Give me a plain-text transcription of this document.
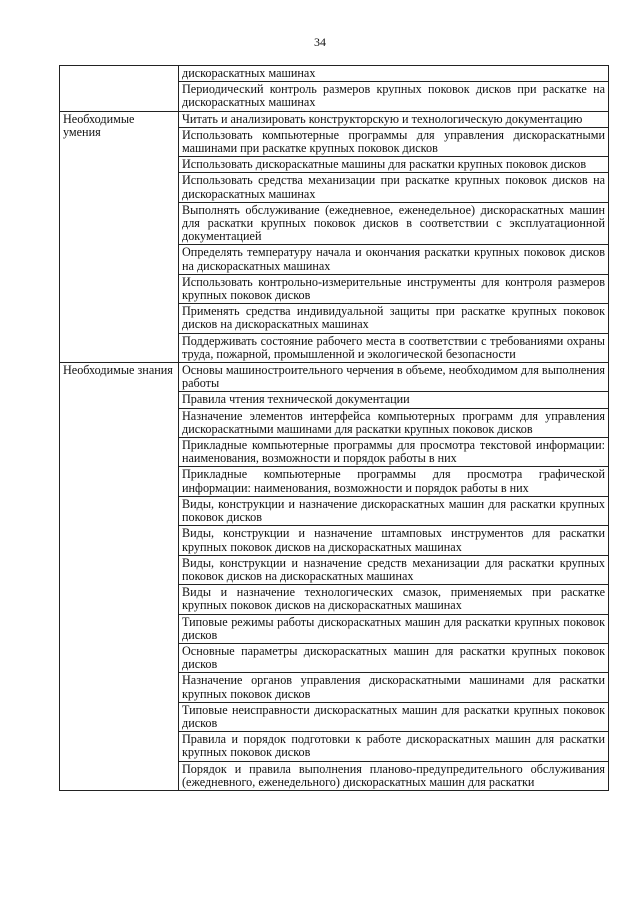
34
	дискораскатных машинах
	Периодический контроль размеров крупных поковок дисков при раскатке на дискораскатных машинах
Необходимые умения	Читать и анализировать конструкторскую и технологическую документацию
	Использовать компьютерные программы для управления дискораскатными машинами при раскатке крупных поковок дисков
	Использовать дискораскатные машины для раскатки крупных поковок дисков
	Использовать средства механизации при раскатке крупных поковок дисков на дискораскатных машинах
	Выполнять обслуживание (ежедневное, еженедельное) дискораскатных машин для раскатки крупных поковок дисков в соответствии с эксплуатационной документацией
	Определять температуру начала и окончания раскатки крупных поковок дисков на дискораскатных машинах
	Использовать контрольно-измерительные инструменты для контроля размеров крупных поковок дисков
	Применять средства индивидуальной защиты при раскатке крупных поковок дисков на дискораскатных машинах
	Поддерживать состояние рабочего места в соответствии с требованиями охраны труда, пожарной, промышленной и экологической безопасности
Необходимые знания	Основы машиностроительного черчения в объеме, необходимом для выполнения работы
	Правила чтения технической документации
	Назначение элементов интерфейса компьютерных программ для управления дискораскатными машинами для раскатки крупных поковок дисков
	Прикладные компьютерные программы для просмотра текстовой информации: наименования, возможности и порядок работы в них
	Прикладные компьютерные программы для просмотра графической информации: наименования, возможности и порядок работы в них
	Виды, конструкции и назначение дискораскатных машин для раскатки крупных поковок дисков
	Виды, конструкции и назначение штамповых инструментов для раскатки крупных поковок дисков на дискораскатных машинах
	Виды, конструкции и назначение средств механизации для раскатки крупных поковок дисков на дискораскатных машинах
	Виды и назначение технологических смазок, применяемых при раскатке крупных поковок дисков на дискораскатных машинах
	Типовые режимы работы дискораскатных машин для раскатки крупных поковок дисков
	Основные параметры дискораскатных машин для раскатки крупных поковок дисков
	Назначение органов управления дискораскатными машинами для раскатки крупных поковок дисков
	Типовые неисправности дискораскатных машин для раскатки крупных поковок дисков
	Правила и порядок подготовки к работе дискораскатных машин для раскатки крупных поковок дисков
	Порядок и правила выполнения планово-предупредительного обслуживания (ежедневного, еженедельного) дискораскатных машин для раскатки
